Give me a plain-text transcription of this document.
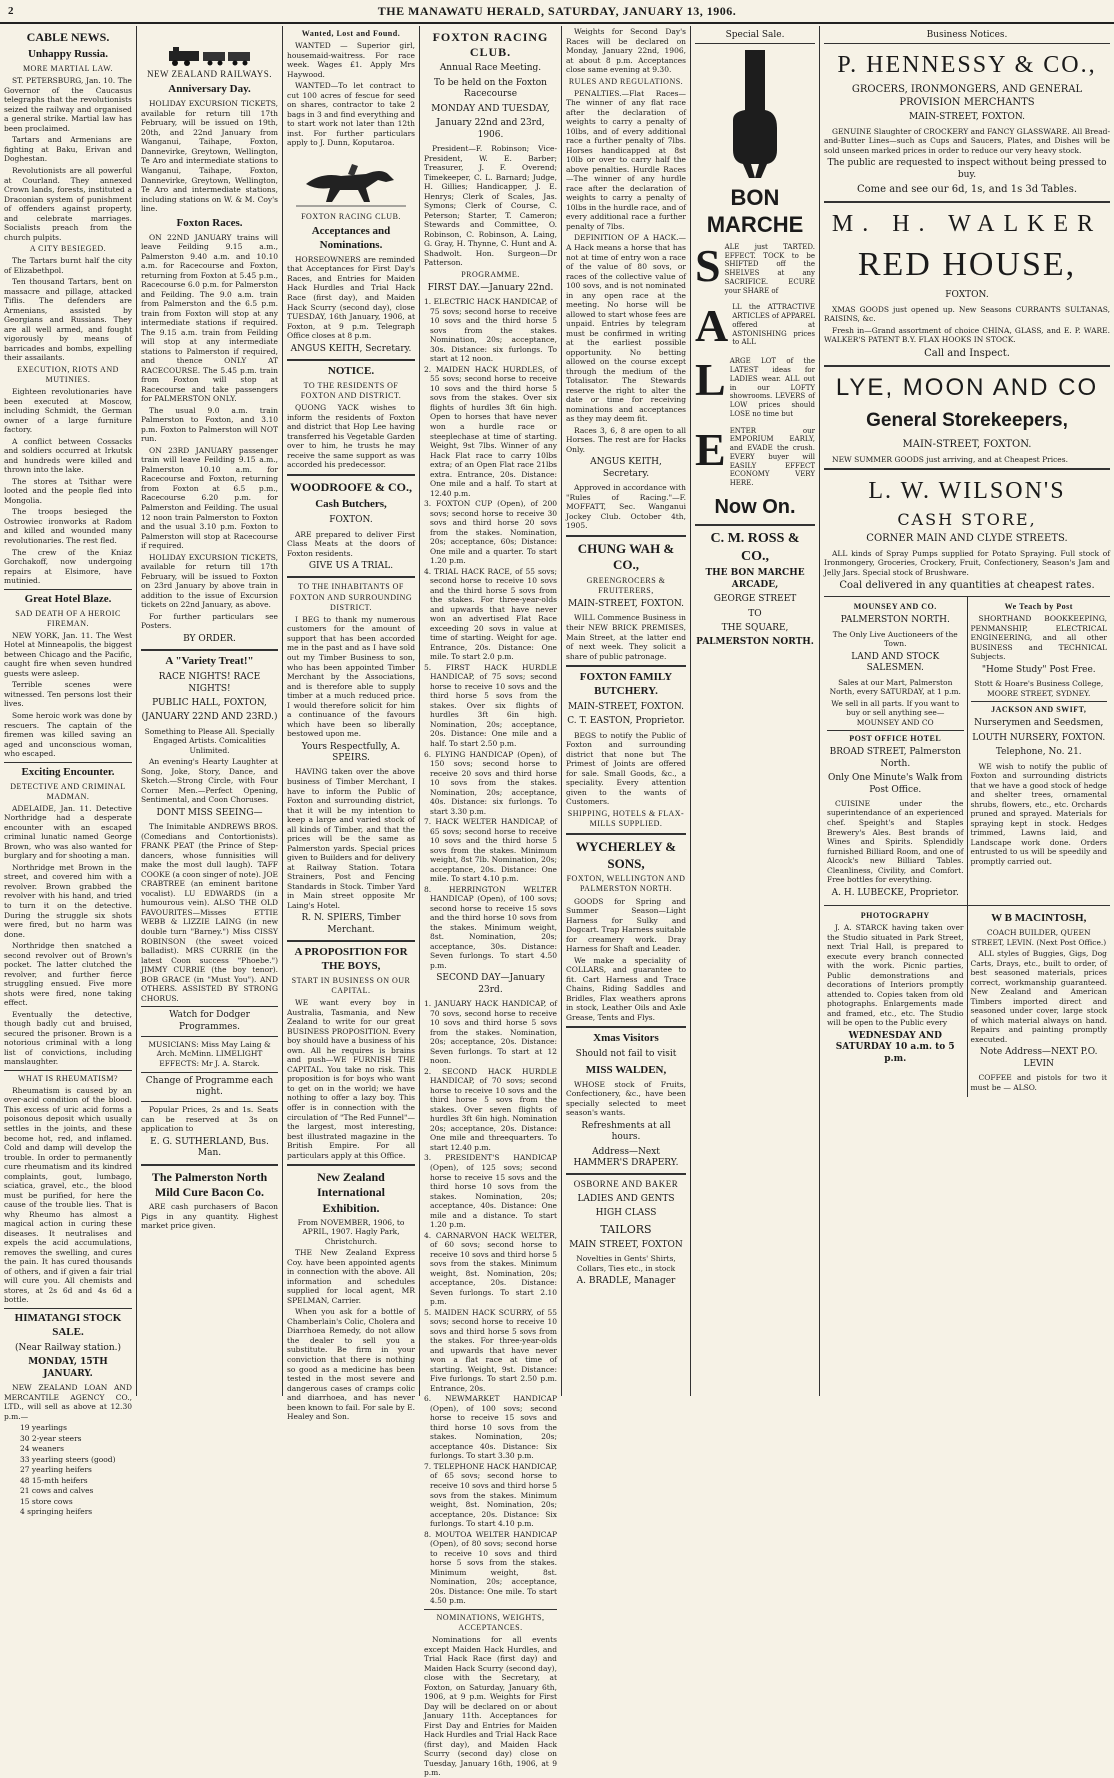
2	THE MANAWATU HERALD, SATURDAY, JANUARY 13, 1906.
CABLE NEWS.
Unhappy Russia.
MORE MARTIAL LAW.

ST. PETERSBURG, Jan. 10. The Governor of the Caucasus telegraphs that the revolutionists seized the railway and organised a general strike. Martial law has been proclaimed.

Tartars and Armenians are fighting at Baku, Erivan and Doghestan.

Revolutionists are all powerful at Courland. They annexed Crown lands, forests, instituted a Draconian system of punishment of offenders against property, and celebrate marriages. Socialists preach from the church pulpits.

A CITY BESIEGED.

The Tartars burnt half the city of Elizabethpol.

Ten thousand Tartars, bent on massacre and pillage, attacked Tiflis. The defenders are Armenians, assisted by Georgians and Russians. They are all well armed, and fought vigorously by means of barricades and bombs, expelling their assailants.

EXECUTION, RIOTS AND MUTINIES.

Eighteen revolutionaries have been executed at Moscow, including Schmidt, the German owner of a large furniture factory.

A conflict between Cossacks and soldiers occurred at Irkutsk and hundreds were killed and thrown into the lake.

The stores at Tsithar were looted and the people fled into Mongolia.

The troops besieged the Ostrowiec ironworks at Radom and killed and wounded many revolutionaries. The rest fled.

The crew of the Kniaz Gorchakoff, now undergoing repairs at Elsimore, have mutinied.

Great Hotel Blaze.
SAD DEATH OF A HEROIC FIREMAN.

NEW YORK, Jan. 11. The West Hotel at Minneapolis, the biggest between Chicago and the Pacific, caught fire when seven hundred guests were asleep.

Terrible scenes were witnessed. Ten persons lost their lives.

Some heroic work was done by rescuers. The captain of the firemen was killed saving an aged and unconscious woman, who escaped.

Exciting Encounter.
DETECTIVE AND CRIMINAL MADMAN.

ADELAIDE, Jan. 11. Detective Northridge had a desperate encounter with an escaped criminal lunatic named George Brown, who was also wanted for burglary and for shooting a man.

Northridge met Brown in the street, and covered him with a revolver. Brown grabbed the revolver with his hand, and tried to turn it on the detective. During the struggle six shots were fired, but no harm was done.

Northridge then snatched a second revolver out of Brown's pocket. The latter clutched the revolver, and further fierce struggling ensued. Five more shots were fired, none taking effect.

Eventually the detective, though badly cut and bruised, secured the prisoner. Brown is a notorious criminal with a long list of convictions, including manslaughter.

WHAT IS RHEUMATISM?

Rheumatism is caused by an over-acid condition of the blood. This excess of uric acid forms a poisonous deposit which usually settles in the joints, and these become hot, red, and inflamed. Cold and damp will develop the trouble. In order to permanently cure rheumatism and its kindred complaints, gout, lumbago, sciatica, gravel, etc., the blood must be purified, for here the cause of the trouble lies. That is why Rheumo has almost a magical action in curing these diseases. It neutralises and expels the acid accumulations, removes the swelling, and cures the pain. It has cured thousands of others, and if given a fair trial will cure you. All chemists and stores, at 2s 6d and 4s 6d a bottle.

HIMATANGI STOCK SALE.
(Near Railway station.)
MONDAY, 15TH JANUARY.

NEW ZEALAND LOAN AND MERCANTILE AGENCY CO., LTD., will sell as above at 12.30 p.m.—

19 yearlings
30 2-year steers
24 weaners
33 yearling steers (good)
27 yearling heifers
48 15-mth heifers
21 cows and calves
15 store cows
4 springing heifers
NEW ZEALAND RAILWAYS.
Anniversary Day.

HOLIDAY EXCURSION TICKETS, available for return till 17th February, will be issued on 19th, 20th, and 22nd January from Wanganui, Taihape, Foxton, Dannevirke, Greytown, Wellington, Te Aro and intermediate stations to Wanganui, Taihape, Foxton, Dannevirke, Greytown, Wellington, Te Aro and intermediate stations, including stations on W. & M. Coy's line.

Foxton Races.

ON 22ND JANUARY trains will leave Feilding 9.15 a.m., Palmerston 9.40 a.m. and 10.10 a.m. for Racecourse and Foxton, returning from Foxton at 5.45 p.m., Racecourse 6.0 p.m. for Palmerston and Feilding. The 9.0 a.m. train from Palmerston and the 6.5 p.m. train from Foxton will stop at any intermediate stations if required. The 9.15 a.m. train from Feilding will stop at any intermediate stations to Palmerston if required, and thence ONLY AT RACECOURSE. The 5.45 p.m. train from Foxton will stop at Racecourse and take passengers for PALMERSTON ONLY.

The usual 9.0 a.m. train Palmerston to Foxton, and 3.10 p.m. Foxton to Palmerston will NOT run.

ON 23RD JANUARY passenger train will leave Feilding 9.15 a.m., Palmerston 10.10 a.m. for Racecourse and Foxton, returning from Foxton at 6.5 p.m., Racecourse 6.20 p.m. for Palmerston and Feilding. The usual 12 noon train Palmerston to Foxton and the usual 3.10 p.m. Foxton to Palmerston will stop at Racecourse if required.

HOLIDAY EXCURSION TICKETS, available for return till 17th February, will be issued to Foxton on 23rd January by above train in addition to the issue of Excursion tickets on 22nd January, as above.

For further particulars see Posters.

BY ORDER.
A "Variety Treat!"
RACE NIGHTS! RACE NIGHTS!
PUBLIC HALL, FOXTON,
(JANUARY 22ND AND 23RD.)

Something to Please All. Specially Engaged Artists. Comicalities Unlimited.

An evening's Hearty Laughter at Song, Joke, Story, Dance, and Sketch.—Strong Circle, with Four Corner Men.—Perfect Opening, Sentimental, and Coon Choruses.

DONT MISS SEEING—

The Inimitable ANDREWS BROS. (Comedians and Contortionists). FRANK PEAT (the Prince of Step-dancers, whose funnisities will make the most dull laugh). TAFF COOKE (a coon singer of note). JOE CRABTREE (an eminent baritone vocalist). LU EDWARDS (in a humourous vein). ALSO THE OLD FAVOURITES—Misses ETTIE WEBB & LIZZIE LAING (in new double turn "Barney.") Miss CISSY ROBINSON (the sweet voiced balladist). MRS CURRIE (in the latest Coon success "Phoebe.") JIMMY CURRIE (the boy tenor). BOB GRACE (in "Must You"). AND OTHERS. ASSISTED BY STRONG CHORUS.

Watch for Dodger Programmes.

MUSICIANS: Miss May Laing & Arch. McMinn. LIMELIGHT EFFECTS: Mr J. A. Starck.

Change of Programme each night.

Popular Prices, 2s and 1s. Seats can be reserved at 3s on application to

E. G. SUTHERLAND, Bus. Man.
The Palmerston North Mild Cure Bacon Co.

ARE cash purchasers of Bacon Pigs in any quantity. Highest market price given.

Wanted, Lost and Found.

WANTED — Superior girl, housemaid-waitress. For race week. Wages £1. Apply Mrs Haywood.

WANTED—To let contract to cut 100 acres of fescue for seed on shares, contractor to take 2 bags in 3 and find everything and to start work not later than 12th inst. For further particulars apply to J. Dunn, Koputaroa.

FOXTON RACING CLUB.
Acceptances and Nominations.

HORSEOWNERS are reminded that Acceptances for First Day's Races, and Entries for Maiden Hack Hurdles and Trial Hack Race (first day), and Maiden Hack Scurry (second day), close TUESDAY, 16th January, 1906, at Foxton, at 9 p.m. Telegraph Office closes at 8 p.m.

ANGUS KEITH, Secretary.
NOTICE.
TO THE RESIDENTS OF FOXTON AND DISTRICT.

QUONG YACK wishes to inform the residents of Foxton and district that Hop Lee having transferred his Vegetable Garden over to him, he trusts he may receive the same support as was accorded his predecessor.

WOODROOFE & CO.,
Cash Butchers,
FOXTON.

ARE prepared to deliver First Class Meats at the doors of Foxton residents.

GIVE US A TRIAL.
TO THE INHABITANTS OF FOXTON AND SURROUNDING DISTRICT.

I BEG to thank my numerous customers for the amount of support that has been accorded me in the past and as I have sold out my Timber Business to son, who has been appointed Timber Merchant by the Associations, and is therefore able to supply timber at a much reduced price. I would therefore solicit for him a continuance of the favours which have been so liberally bestowed upon me.

Yours Respectfully, A. SPEIRS.

HAVING taken over the above business of Timber Merchant, I have to inform the Public of Foxton and surrounding district, that it will be my intention to keep a large and varied stock of all kinds of Timber, and that the prices will be the same as Palmerston yards. Special prices given to Builders and for delivery at Railway Station. Totara Strainers, Post and Fencing Standards in Stock. Timber Yard in Main street opposite Mr Laing's Hotel.

R. N. SPIERS, Timber Merchant.
A PROPOSITION FOR THE BOYS,
START IN BUSINESS ON OUR CAPITAL.

WE want every boy in Australia, Tasmania, and New Zealand to write for our great BUSINESS PROPOSITION. Every boy should have a business of his own. All he requires is brains and push—WE FURNISH THE CAPITAL. You take no risk. This proposition is for boys who want to get on in the world; we have nothing to offer a lazy boy. This offer is in connection with the circulation of "The Red Funnel"—the largest, most interesting, best illustrated magazine in the British Empire. For all particulars apply at this Office.

New Zealand International Exhibition.

From NOVEMBER, 1906, to APRIL, 1907. Hagly Park, Christchurch.

THE New Zealand Express Coy. have been appointed agents in connection with the above. All information and schedules supplied for local agent, MR SPELMAN, Carrier.

When you ask for a bottle of Chamberlain's Colic, Cholera and Diarrhoea Remedy, do not allow the dealer to sell you a substitute. Be firm in your conviction that there is nothing so good as a medicine has been tested in the most severe and dangerous cases of cramps colic and diarrhoea, and has never been known to fail. For sale by E. Healey and Son.

FOXTON RACING CLUB.
Annual Race Meeting.
To be held on the Foxton Racecourse
MONDAY AND TUESDAY,
January 22nd and 23rd, 1906.

President—F. Robinson; Vice-President, W. E. Barber; Treasurer, J. F. Overend; Timekeeper, C. L. Barnard; Judge, H. Gillies; Handicapper, J. E. Henrys; Clerk of Scales, Jas. Symons; Clerk of Course, C. Peterson; Starter, T. Cameron; Stewards and Committee, O. Robinson, C. Robinson, A. Laing, G. Gray, H. Thynne, C. Hunt and A. Shadwolt. Hon. Surgeon—Dr Patterson.

PROGRAMME.
FIRST DAY.—January 22nd.
1. ELECTRIC HACK HANDICAP, of 75 sovs; second horse to receive 10 sovs and the third horse 5 sovs from the stakes. Nomination, 20s; acceptance, 30s. Distance: six furlongs. To start at 12 noon.
2. MAIDEN HACK HURDLES, of 55 sovs; second horse to receive 10 sovs and the third horse 5 sovs from the stakes. Over six flights of hurdles 3ft 6in high. Open to horses that have never won a hurdle race or steeplechase at time of starting. Weight, 9st 7lbs. Winner of any Hack Flat race to carry 10lbs extra; of an Open Flat race 21lbs extra. Entrance, 20s. Distance: One mile and a half. To start at 12.40 p.m.
3. FOXTON CUP (Open), of 200 sovs; second horse to receive 30 sovs and third horse 20 sovs from the stakes. Nomination, 20s; acceptance, 60s; Distance: One mile and a quarter. To start 1.20 p.m.
4. TRIAL HACK RACE, of 55 sovs; second horse to receive 10 sovs and the third horse 5 sovs from the stakes. For three-year-olds and upwards that have never won an advertised Flat Race exceeding 20 sovs in value at time of starting. Weight for age. Entrance, 20s. Distance: One mile. To start 2.0 p.m.
5. FIRST HACK HURDLE HANDICAP, of 75 sovs; second horse to receive 10 sovs and the third horse 5 sovs from the stakes. Over six flights of hurdles 3ft 6in high. Nomination, 20s; acceptance, 20s. Distance: One mile and a half. To start 2.50 p.m.
6. FLYING HANDICAP (Open), of 150 sovs; second horse to receive 20 sovs and third horse 10 sovs from the stakes. Nomination, 20s; acceptance, 40s. Distance: six furlongs. To start 3.30 p.m.
7. HACK WELTER HANDICAP, of 65 sovs; second horse to receive 10 sovs and the third horse 5 sovs from the stakes. Minimum weight, 8st 7lb. Nomination, 20s; acceptance, 20s. Distance: One mile. To start 4.10 p.m.
8. HERRINGTON WELTER HANDICAP (Open), of 100 sovs; second horse to receive 15 sovs and the third horse 10 sovs from the stakes. Minimum weight, 8st. Nomination, 20s; acceptance, 30s. Distance: Seven furlongs. To start 4.50 p.m.
SECOND DAY—January 23rd.
1. JANUARY HACK HANDICAP, of 70 sovs, second horse to receive 10 sovs and third horse 5 sovs from the stakes. Nomination, 20s; acceptance, 20s. Distance: Seven furlongs. To start at 12 noon.
2. SECOND HACK HURDLE HANDICAP, of 70 sovs; second horse to receive 10 sovs and the third horse 5 sovs from the stakes. Over seven flights of hurdles 3ft 6in high. Nomination 20s; acceptance, 20s. Distance: One mile and threequarters. To start 12.40 p.m.
3. PRESIDENT'S HANDICAP (Open), of 125 sovs; second horse to receive 15 sovs and the third horse 10 sovs from the stakes. Nomination, 20s; acceptance, 40s. Distance: One mile and a distance. To start 1.20 p.m.
4. CARNARVON HACK WELTER, of 60 sovs; second horse to receive 10 sovs and third horse 5 sovs from the stakes. Minimum weight, 8st. Nomination, 20s; acceptance, 20s. Distance: Seven furlongs. To start 2.10 p.m.
5. MAIDEN HACK SCURRY, of 55 sovs; second horse to receive 10 sovs and third horse 5 sovs from the stakes. For three-year-olds and upwards that have never won a flat race at time of starting. Weight, 9st. Distance: Five furlongs. To start 2.50 p.m. Entrance, 20s.
6. NEWMARKET HANDICAP (Open), of 100 sovs; second horse to receive 15 sovs and third horse 10 sovs from the stakes. Nomination, 20s; acceptance 40s. Distance: Six furlongs. To start 3.30 p.m.
7. TELEPHONE HACK HANDICAP, of 65 sovs; second horse to receive 10 sovs and third horse 5 sovs from the stakes. Minimum weight, 8st. Nomination, 20s; acceptance, 20s. Distance: Six furlongs. To start 4.10 p.m.
8. MOUTOA WELTER HANDICAP (Open), of 80 sovs; second horse to receive 10 sovs and third horse 5 sovs from the stakes. Minimum weight, 8st. Nomination, 20s; acceptance, 20s. Distance: One mile. To start 4.50 p.m.
NOMINATIONS, WEIGHTS, ACCEPTANCES.

Nominations for all events except Maiden Hack Hurdles, and Trial Hack Race (first day) and Maiden Hack Scurry (second day), close with the Secretary, at Foxton, on Saturday, January 6th, 1906, at 9 p.m. Weights for First Day will be declared on or about January 11th. Acceptances for First Day and Entries for Maiden Hack Hurdles and Trial Hack Race (first day), and Maiden Hack Scurry (second day) close on Tuesday, January 16th, 1906, at 9 p.m.

Weights for Second Day's Races will be declared on Monday, January 22nd, 1906, at about 8 p.m. Acceptances close same evening at 9.30.

RULES AND REGULATIONS.

PENALTIES.—Flat Races—The winner of any flat race after the declaration of weights to carry a penalty of 10lbs, and of every additional race a further penalty of 7lbs. Horses handicapped at 8st 10lb or over to carry half the above penalties. Hurdle Races—The winner of any hurdle race after the declaration of weights to carry a penalty of 10lbs in the hurdle race, and of every additional race a further penalty of 7lbs.

DEFINITION OF A HACK.—A Hack means a horse that has not at time of entry won a race of the value of 80 sovs, or races of the collective value of 100 sovs, and is not nominated in any open race at the meeting. No horse will be allowed to start whose fees are unpaid. Entries by telegram must be confirmed in writing at the earliest possible opportunity. No betting allowed on the course except through the medium of the Totalisator. The Stewards reserve the right to alter the date or time for receiving nominations and acceptances as they may deem fit.

Races 3, 6, 8 are open to all Horses. The rest are for Hacks Only.

ANGUS KEITH, Secretary.

Approved in accordance with "Rules of Racing."—F. MOFFATT, Sec. Wanganui Jockey Club. October 4th, 1905.

CHUNG WAH & CO.,
GREENGROCERS & FRUITERERS,
MAIN-STREET, FOXTON.

WILL Commence Business in their NEW BRICK PREMISES, Main Street, at the latter end of next week. They solicit a share of public patronage.

FOXTON FAMILY BUTCHERY.
MAIN-STREET, FOXTON.
C. T. EASTON, Proprietor.

BEGS to notify the Public of Foxton and surrounding district that none but The Primest of Joints are offered for sale. Small Goods, &c., a speciality. Every attention given to the wants of Customers.

SHIPPING, HOTELS & FLAX-MILLS SUPPLIED.
WYCHERLEY & SONS,
FOXTON, WELLINGTON AND PALMERSTON NORTH.

GOODS for Spring and Summer Season—Light Harness for Sulky and Dogcart. Trap Harness suitable for creamery work. Dray Harness for Shaft and Leader.

We make a speciality of COLLARS, and guarantee to fit. Cart Harness and Trace Chains, Riding Saddles and Bridles, Flax weathers aprons in stock, Leather Oils and Axle Grease, Tents and Flys.

Xmas Visitors
Should not fail to visit
MISS WALDEN,

WHOSE stock of Fruits, Confectionery, &c., have been specially selected to meet season's wants.

Refreshments at all hours.
Address—Next HAMMER'S DRAPERY.
OSBORNE AND BAKER
LADIES AND GENTS
HIGH CLASS
TAILORS
MAIN STREET, FOXTON

Novelties in Gents' Shirts, Collars, Ties etc., in stock

A. BRADLE, Manager
Special Sale.
BON
MARCHE
S ALE just TARTED. EFFECT. TOCK to be SHIFTED off the SHELVES at any SACRIFICE. ECURE your SHARE of
A LL the ATTRACTIVE ARTICLES of APPAREL offered at ASTONISHING prices to ALL
L ARGE LOT of the LATEST ideas for LADIES wear. ALL out in our LOFTY showrooms. LEVERS of LOW prices should LOSE no time but
E ENTER our EMPORIUM EARLY, and EVADE the crush. EVERY buyer will EASILY EFFECT ECONOMY VERY HERE.
Now On.
C. M. ROSS & CO.,
THE BON MARCHE ARCADE,
GEORGE STREET
TO
THE SQUARE,
PALMERSTON NORTH.
Business Notices.
P. HENNESSY & CO.,
GROCERS, IRONMONGERS, AND GENERAL PROVISION MERCHANTS
MAIN-STREET, FOXTON.

GENUINE Slaughter of CROCKERY and FANCY GLASSWARE. All Bread-and-Butter Lines—such as Cups and Saucers, Plates, and Dishes will be sold unseen marked prices in order to reduce our very heavy stock.

The public are requested to inspect without being pressed to buy.
Come and see our 6d, 1s, and 1s 3d Tables.
M. H. WALKER
RED HOUSE,
FOXTON.

XMAS GOODS just opened up. New Seasons CURRANTS SULTANAS, RAISINS, &c.

Fresh in—Grand assortment of choice CHINA, GLASS, and E. P. WARE. WALKER'S PATENT B.Y. FLAX HOOKS IN STOCK.

Call and Inspect.
LYE, MOON AND CO
General Storekeepers,
MAIN-STREET, FOXTON.

NEW SUMMER GOODS just arriving, and at Cheapest Prices.

L. W. WILSON'S
CASH STORE,
CORNER MAIN AND CLYDE STREETS.

ALL kinds of Spray Pumps supplied for Potato Spraying. Full stock of Ironmongery, Groceries, Crockery, Fruit, Confectionery, Season's Jam and Jelly Jars. Special stock of Brushware.

Coal delivered in any quantities at cheapest rates.
MOUNSEY AND CO.
PALMERSTON NORTH.

The Only Live Auctioneers of the Town.

LAND AND STOCK SALESMEN.

Sales at our Mart, Palmerston North, every SATURDAY, at 1 p.m.

We sell in all parts. If you want to buy or sell anything see—MOUNSEY AND CO

POST OFFICE HOTEL
BROAD STREET, Palmerston North.
Only One Minute's Walk from Post Office.

CUISINE under the superintendance of an experienced chef. Speight's and Staples Brewery's Ales. Best brands of Wines and Spirits. Splendidly furnished Billiard Room, and one of Alcock's new Billiard Tables. Cleanliness, Civility, and Comfort. Free bottles for everything.

A. H. LUBECKE, Proprietor.
We Teach by Post

SHORTHAND BOOKKEEPING, PENMANSHIP, ELECTRICAL ENGINEERING, and all other BUSINESS and TECHNICAL Subjects.

"Home Study" Post Free.

Stott & Hoare's Business College, MOORE STREET, SYDNEY.

JACKSON AND SWIFT,
Nurserymen and Seedsmen,
LOUTH NURSERY, FOXTON.
Telephone, No. 21.

WE wish to notify the public of Foxton and surrounding districts that we have a good stock of hedge and shelter trees, ornamental shrubs, flowers, etc., etc. Orchards pruned and sprayed. Materials for spraying kept in stock. Hedges trimmed, Lawns laid, and Landscape work done. Orders entrusted to us will be speedily and promptly carried out.

PHOTOGRAPHY

J. A. STARCK having taken over the Studio situated in Park Street, next Trial Hall, is prepared to execute every branch connected with the work. Picnic parties, Public demonstrations and decorations of Interiors promptly attended to. Copies taken from old photographs. Enlargements made and framed, etc., etc. The Studio will be open to the Public every

WEDNESDAY AND SATURDAY 10 a.m. to 5 p.m.
W B MACINTOSH,

COACH BUILDER, QUEEN STREET, LEVIN. (Next Post Office.)

ALL styles of Buggies, Gigs, Dog Carts, Drays, etc., built to order, of best seasoned materials, prices correct, workmanship guaranteed. New Zealand and American Timbers imported direct and seasoned under cover, large stock of which material always on hand. Repairs and painting promptly executed.

Note Address—NEXT P.O. LEVIN

COFFEE and pistols for two it must be — ALSO.
